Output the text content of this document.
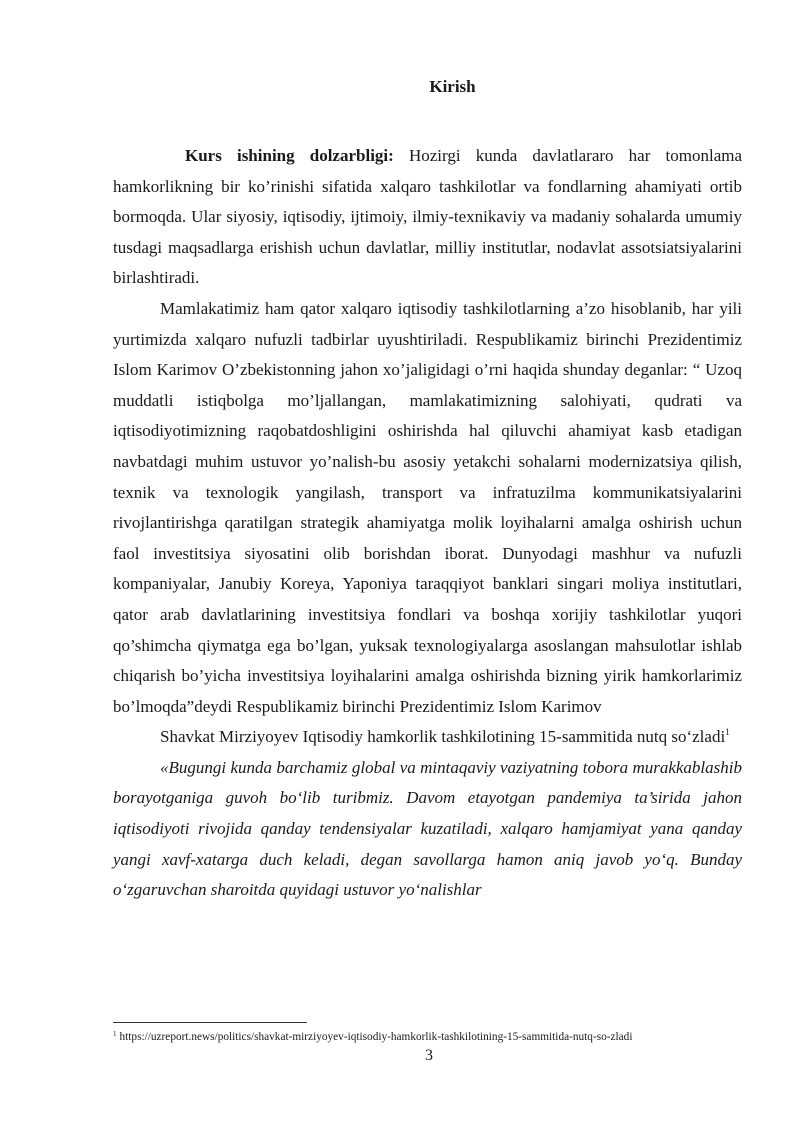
Kirish

Kurs ishining dolzarbligi: Hozirgi kunda davlatlararo har tomonlama hamkorlikning bir ko’rinishi sifatida xalqaro tashkilotlar va fondlarning ahamiyati ortib bormoqda. Ular siyosiy, iqtisodiy, ijtimoiy, ilmiy-texnikaviy va madaniy sohalarda umumiy tusdagi maqsadlarga erishish uchun davlatlar, milliy institutlar, nodavlat assotsiatsiyalarini birlashtiradi.

Mamlakatimiz ham qator xalqaro iqtisodiy tashkilotlarning a’zo hisoblanib, har yili yurtimizda xalqaro nufuzli tadbirlar uyushtiriladi. Respublikamiz birinchi Prezidentimiz Islom Karimov O’zbekistonning jahon xo’jaligidagi o’rni haqida shunday deganlar: “ Uzoq muddatli istiqbolga mo’ljallangan, mamlakatimizning salohiyati, qudrati va iqtisodiyotimizning raqobatdoshligini oshirishda hal qiluvchi ahamiyat kasb etadigan navbatdagi muhim ustuvor yo’nalish-bu asosiy yetakchi sohalarni modernizatsiya qilish, texnik va texnologik yangilash, transport va infratuzilma kommunikatsiyalarini rivojlantirishga qaratilgan strategik ahamiyatga molik loyihalarni amalga oshirish uchun faol investitsiya siyosatini olib borishdan iborat. Dunyodagi mashhur va nufuzli kompaniyalar, Janubiy Koreya, Yaponiya taraqqiyot banklari singari moliya institutlari, qator arab davlatlarining investitsiya fondlari va boshqa xorijiy tashkilotlar yuqori qo’shimcha qiymatga ega bo’lgan, yuksak texnologiyalarga asoslangan mahsulotlar ishlab chiqarish bo’yicha investitsiya loyihalarini amalga oshirishda bizning yirik hamkorlarimiz bo’lmoqda”deydi Respublikamiz birinchi Prezidentimiz Islom Karimov

Shavkat Mirziyoyev Iqtisodiy hamkorlik tashkilotining 15-sammitida nutq so‘zladi$^1$

«Bugungi kunda barchamiz global va mintaqaviy vaziyatning tobora murakkablashib borayotganiga guvoh bo‘lib turibmiz. Davom etayotgan pandemiya ta’sirida jahon iqtisodiyoti rivojida qanday tendensiyalar kuzatiladi, xalqaro hamjamiyat yana qanday yangi xavf-xatarga duch keladi, degan savollarga hamon aniq javob yo‘q. Bunday o‘zgaruvchan sharoitda quyidagi ustuvor yo‘nalishlar

$^1$ https://uzreport.news/politics/shavkat-mirziyoyev-iqtisodiy-hamkorlik-tashkilotining-15-sammitida-nutq-so-zladi
3
